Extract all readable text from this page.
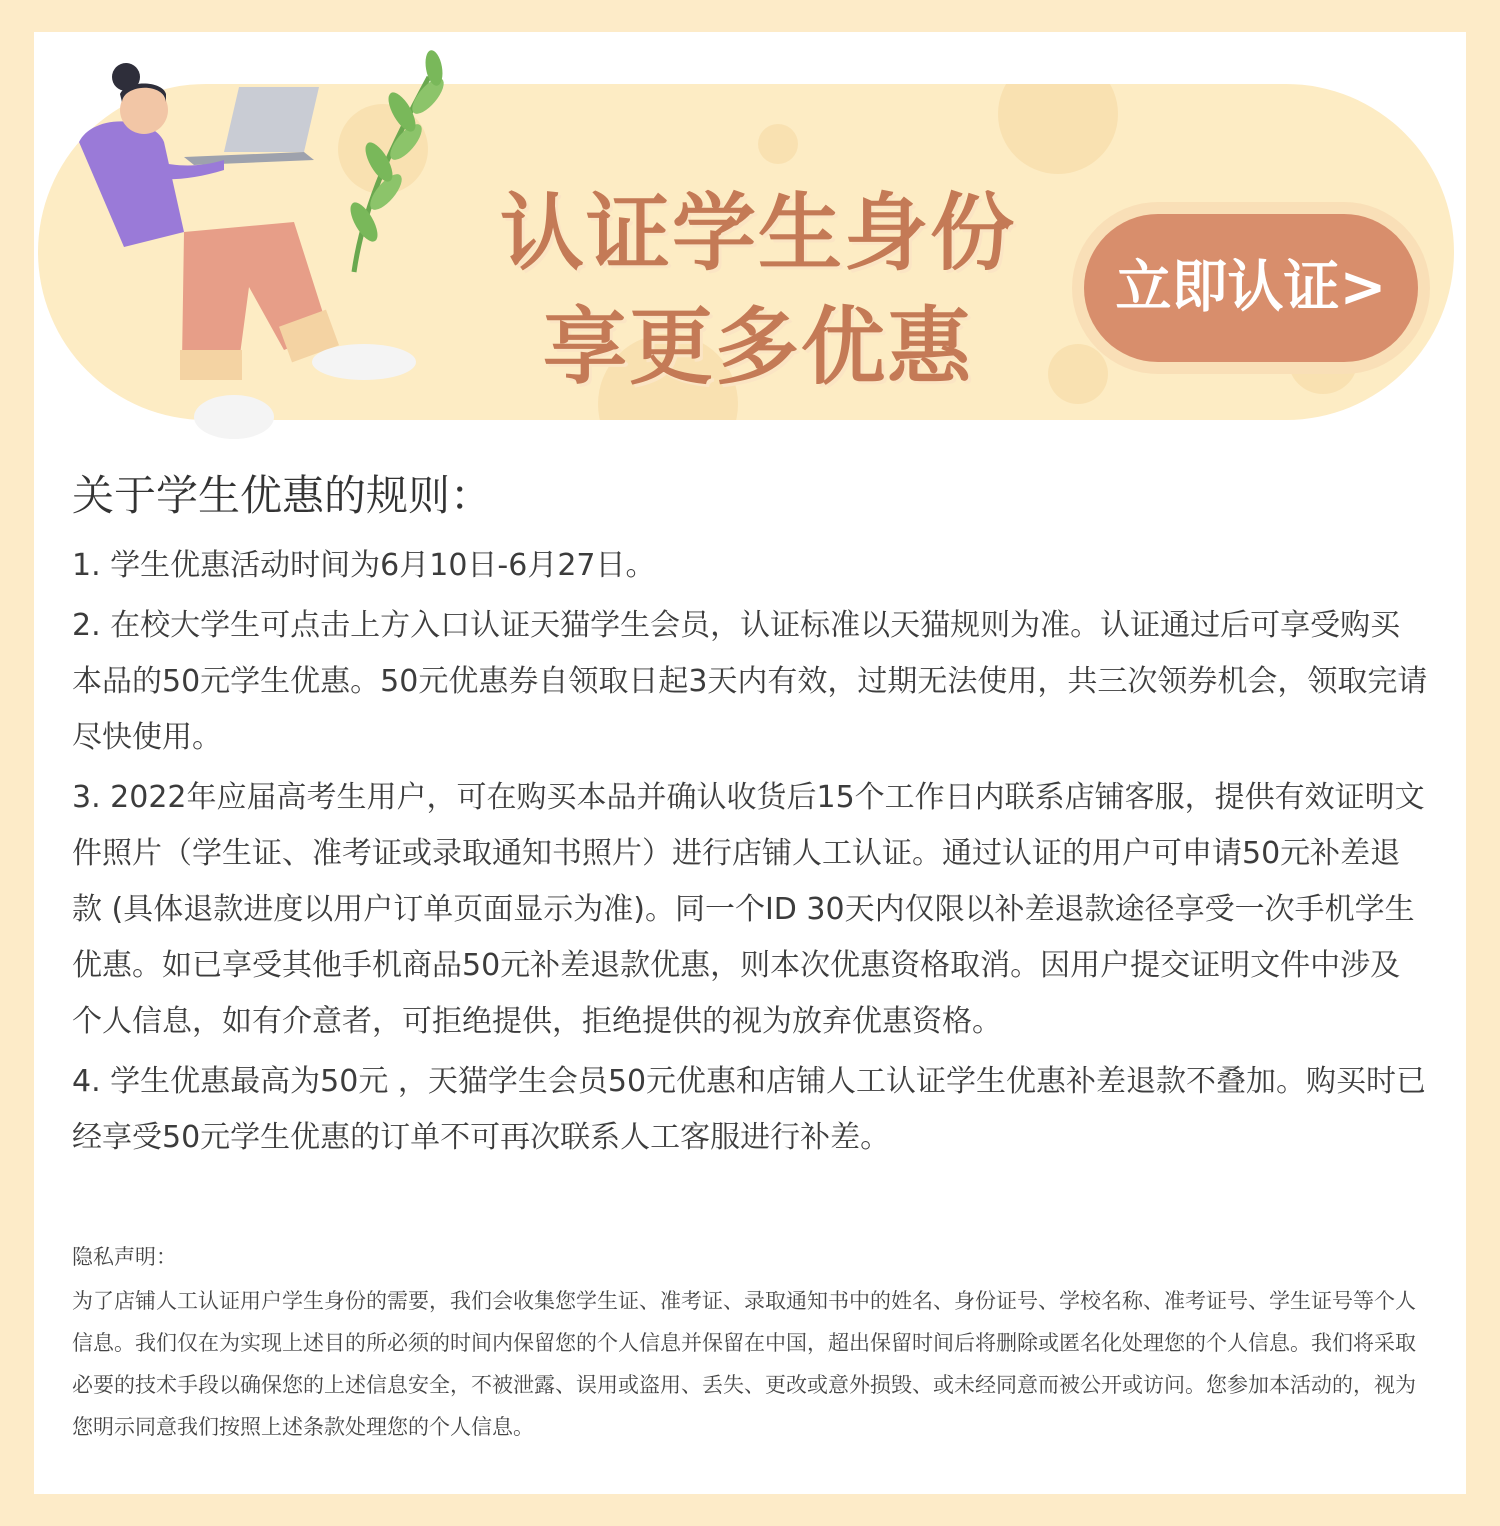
认证学生身份
享更多优惠
立即认证>
关于学生优惠的规则：

1. 学生优惠活动时间为6月10日-6月27日。

2. 在校大学生可点击上方入口认证天猫学生会员，认证标准以天猫规则为准。认证通过后可享受购买本品的50元学生优惠。50元优惠券自领取日起3天内有效，过期无法使用，共三次领券机会，领取完请尽快使用。

3. 2022年应届高考生用户，可在购买本品并确认收货后15个工作日内联系店铺客服，提供有效证明文件照片（学生证、准考证或录取通知书照片）进行店铺人工认证。通过认证的用户可申请50元补差退款 (具体退款进度以用户订单页面显示为准)。同一个ID 30天内仅限以补差退款途径享受一次手机学生优惠。如已享受其他手机商品50元补差退款优惠，则本次优惠资格取消。因用户提交证明文件中涉及个人信息，如有介意者，可拒绝提供，拒绝提供的视为放弃优惠资格。

4. 学生优惠最高为50元 ，天猫学生会员50元优惠和店铺人工认证学生优惠补差退款不叠加。购买时已经享受50元学生优惠的订单不可再次联系人工客服进行补差。

隐私声明：

为了店铺人工认证用户学生身份的需要，我们会收集您学生证、准考证、录取通知书中的姓名、身份证号、学校名称、准考证号、学生证号等个人信息。我们仅在为实现上述目的所必须的时间内保留您的个人信息并保留在中国，超出保留时间后将删除或匿名化处理您的个人信息。我们将采取必要的技术手段以确保您的上述信息安全，不被泄露、误用或盗用、丢失、更改或意外损毁、或未经同意而被公开或访问。您参加本活动的，视为您明示同意我们按照上述条款处理您的个人信息。
